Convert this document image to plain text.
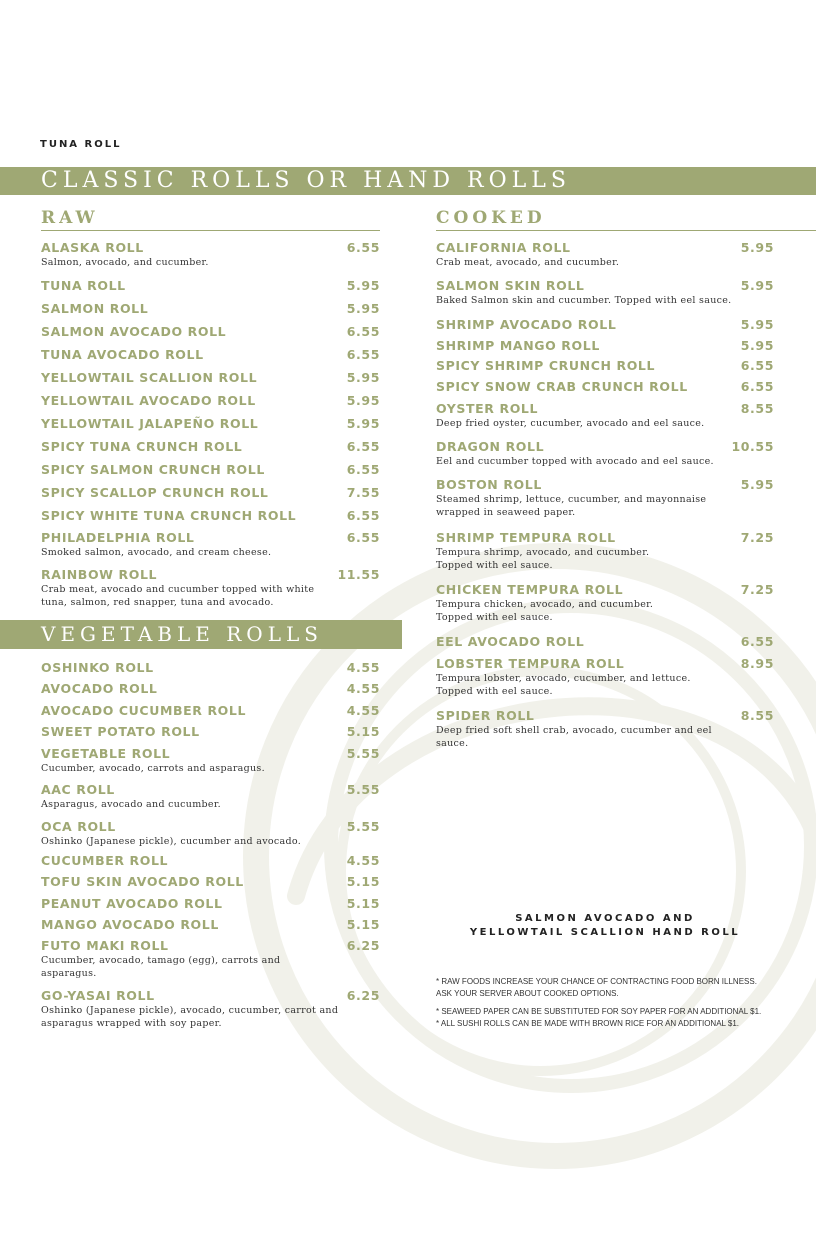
TUNA ROLL
CLASSIC ROLLS OR HAND ROLLS
RAW	COOKED
ALASKA ROLL	6.55
Salmon, avocado, and cucumber.
TUNA ROLL	5.95
SALMON ROLL	5.95
SALMON AVOCADO ROLL	6.55
TUNA AVOCADO ROLL	6.55
YELLOWTAIL SCALLION ROLL	5.95
YELLOWTAIL AVOCADO ROLL	5.95
YELLOWTAIL JALAPEÑO ROLL	5.95
SPICY TUNA CRUNCH ROLL	6.55
SPICY SALMON CRUNCH ROLL	6.55
SPICY SCALLOP CRUNCH ROLL	7.55
SPICY WHITE TUNA CRUNCH ROLL	6.55
PHILADELPHIA ROLL	6.55
Smoked salmon, avocado, and cream cheese.
RAINBOW ROLL	11.55
Crab meat, avocado and cucumber topped with white tuna, salmon, red snapper, tuna and avocado.
VEGETABLE ROLLS
OSHINKO ROLL	4.55
AVOCADO ROLL	4.55
AVOCADO CUCUMBER ROLL	4.55
SWEET POTATO ROLL	5.15
VEGETABLE ROLL	5.55
Cucumber, avocado, carrots and asparagus.
AAC ROLL	5.55
Asparagus, avocado and cucumber.
OCA ROLL	5.55
Oshinko (Japanese pickle), cucumber and avocado.
CUCUMBER ROLL	4.55
TOFU SKIN AVOCADO ROLL	5.15
PEANUT AVOCADO ROLL	5.15
MANGO AVOCADO ROLL	5.15
FUTO MAKI ROLL	6.25
Cucumber, avocado, tamago (egg), carrots and asparagus.
GO-YASAI ROLL	6.25
Oshinko (Japanese pickle), avocado, cucumber, carrot and asparagus wrapped with soy paper.
CALIFORNIA ROLL	5.95
Crab meat, avocado, and cucumber.
SALMON SKIN ROLL	5.95
Baked Salmon skin and cucumber. Topped with eel sauce.
SHRIMP AVOCADO ROLL	5.95
SHRIMP MANGO ROLL	5.95
SPICY SHRIMP CRUNCH ROLL	6.55
SPICY SNOW CRAB CRUNCH ROLL	6.55
OYSTER ROLL	8.55
Deep fried oyster, cucumber, avocado and eel sauce.
DRAGON ROLL	10.55
Eel and cucumber topped with avocado and eel sauce.
BOSTON ROLL	5.95
Steamed shrimp, lettuce, cucumber, and mayonnaise wrapped in seaweed paper.
SHRIMP TEMPURA ROLL	7.25
Tempura shrimp, avocado, and cucumber. Topped with eel sauce.
CHICKEN TEMPURA ROLL	7.25
Tempura chicken, avocado, and cucumber. Topped with eel sauce.
EEL AVOCADO ROLL	6.55
LOBSTER TEMPURA ROLL	8.95
Tempura lobster, avocado, cucumber, and lettuce. Topped with eel sauce.
SPIDER ROLL	8.55
Deep fried soft shell crab, avocado, cucumber and eel sauce.
SALMON AVOCADO AND
YELLOWTAIL SCALLION HAND ROLL
* RAW FOODS INCREASE YOUR CHANCE OF CONTRACTING FOOD BORN ILLNESS.
ASK YOUR SERVER ABOUT COOKED OPTIONS.
* SEAWEED PAPER CAN BE SUBSTITUTED FOR SOY PAPER FOR AN ADDITIONAL $1.
* ALL SUSHI ROLLS CAN BE MADE WITH BROWN RICE FOR AN ADDITIONAL $1.
